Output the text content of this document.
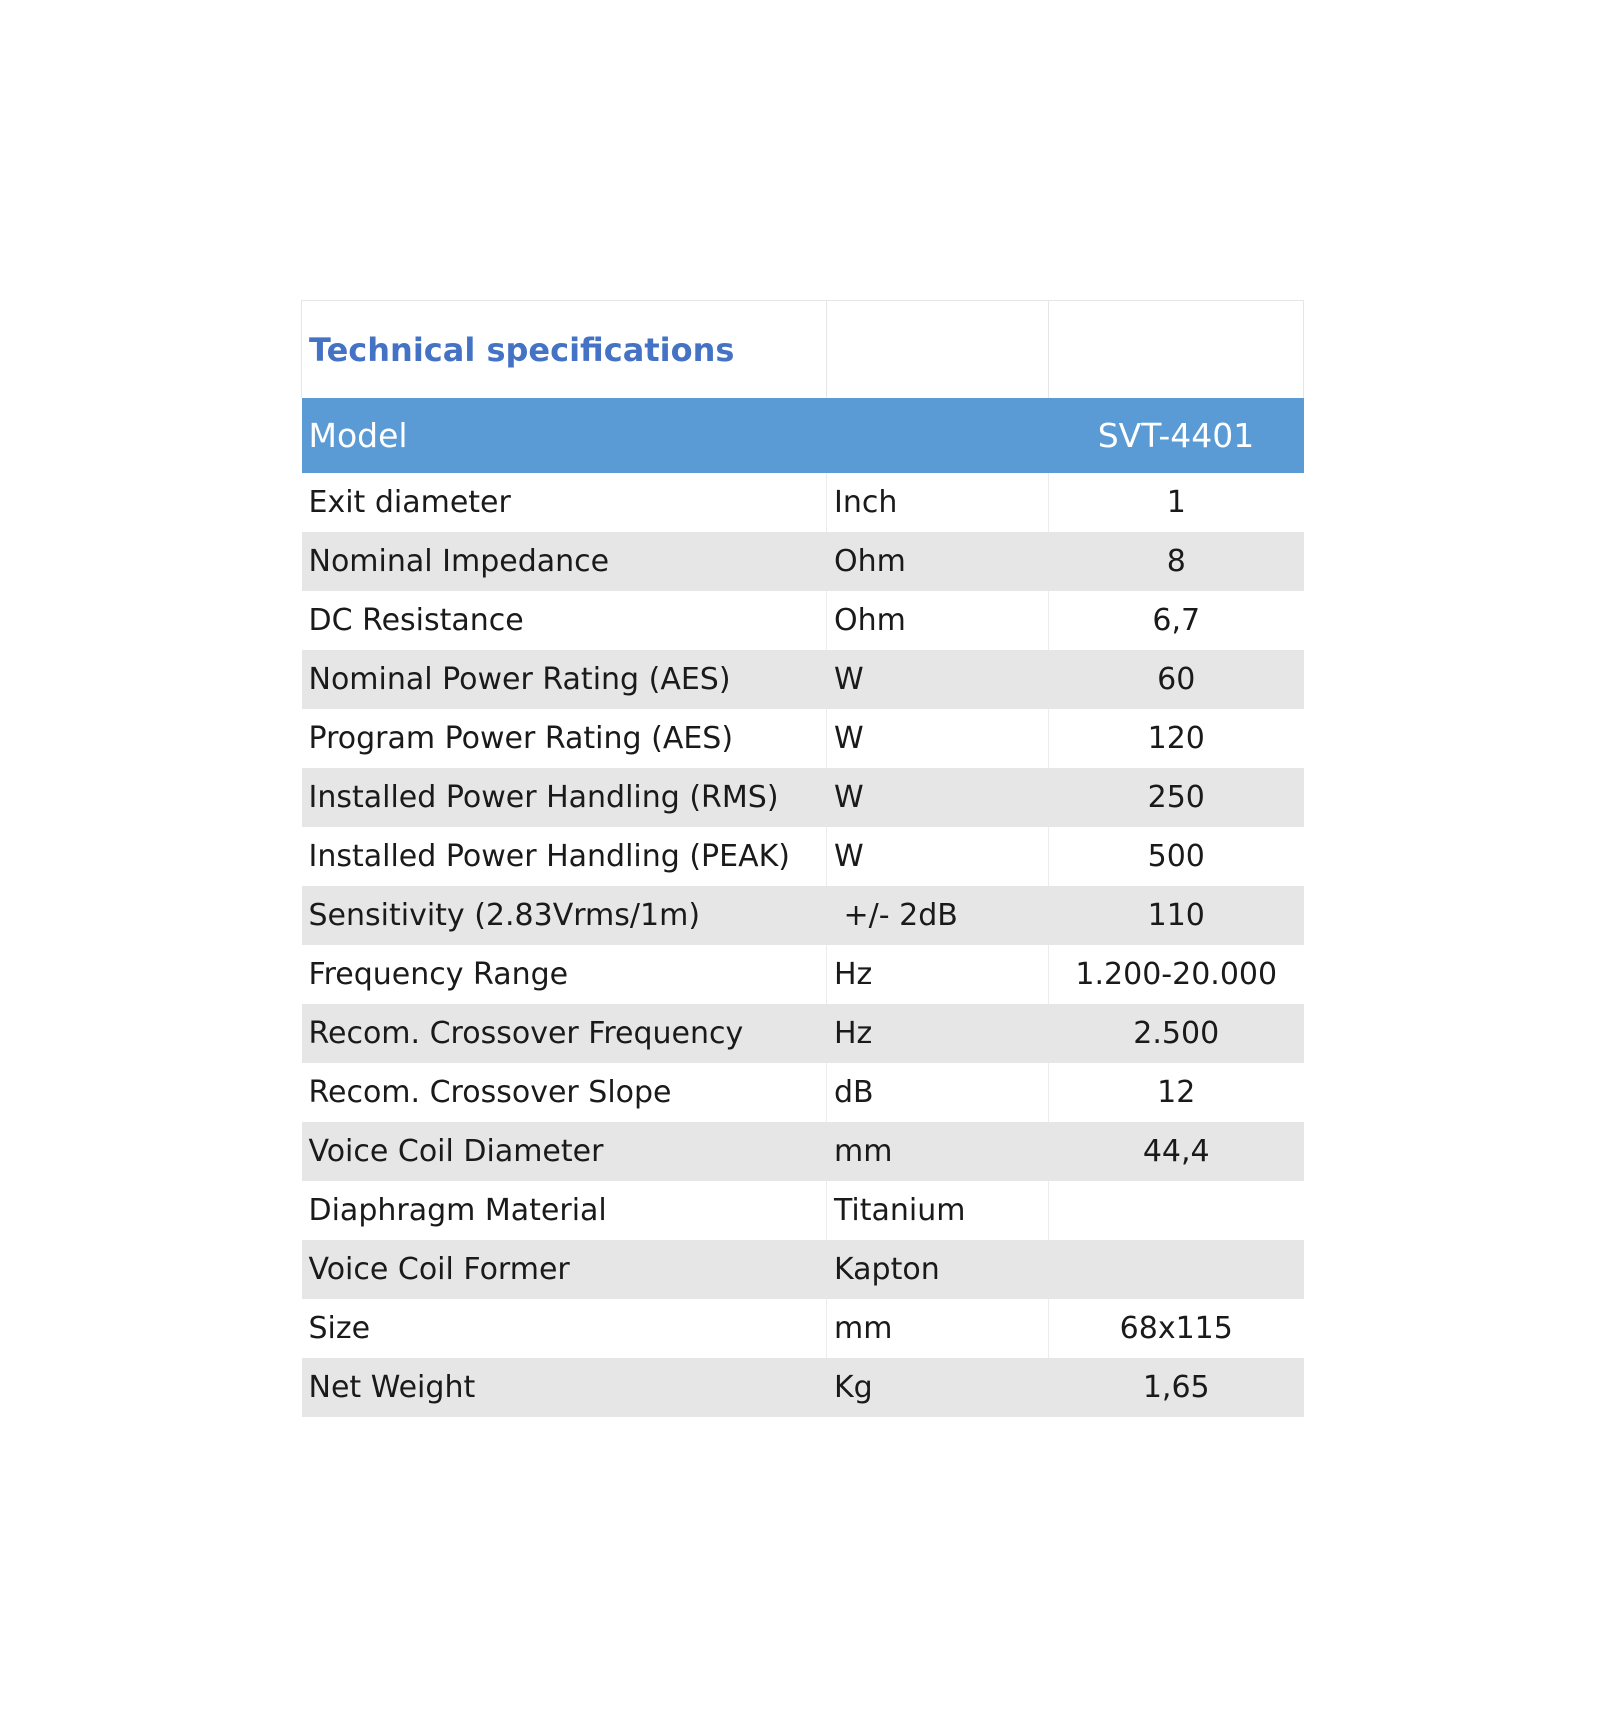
Technical specifications		
Model		SVT-4401
Exit diameter	Inch	1
Nominal Impedance	Ohm	8
DC Resistance	Ohm	6,7
Nominal Power Rating (AES)	W	60
Program Power Rating (AES)	W	120
Installed Power Handling (RMS)	W	250
Installed Power Handling (PEAK)	W	500
Sensitivity (2.83Vrms/1m)	+/- 2dB	110
Frequency Range	Hz	1.200-20.000
Recom. Crossover Frequency	Hz	2.500
Recom. Crossover Slope	dB	12
Voice Coil Diameter	mm	44,4
Diaphragm Material	Titanium	
Voice Coil Former	Kapton	
Size	mm	68x115
Net Weight	Kg	1,65
